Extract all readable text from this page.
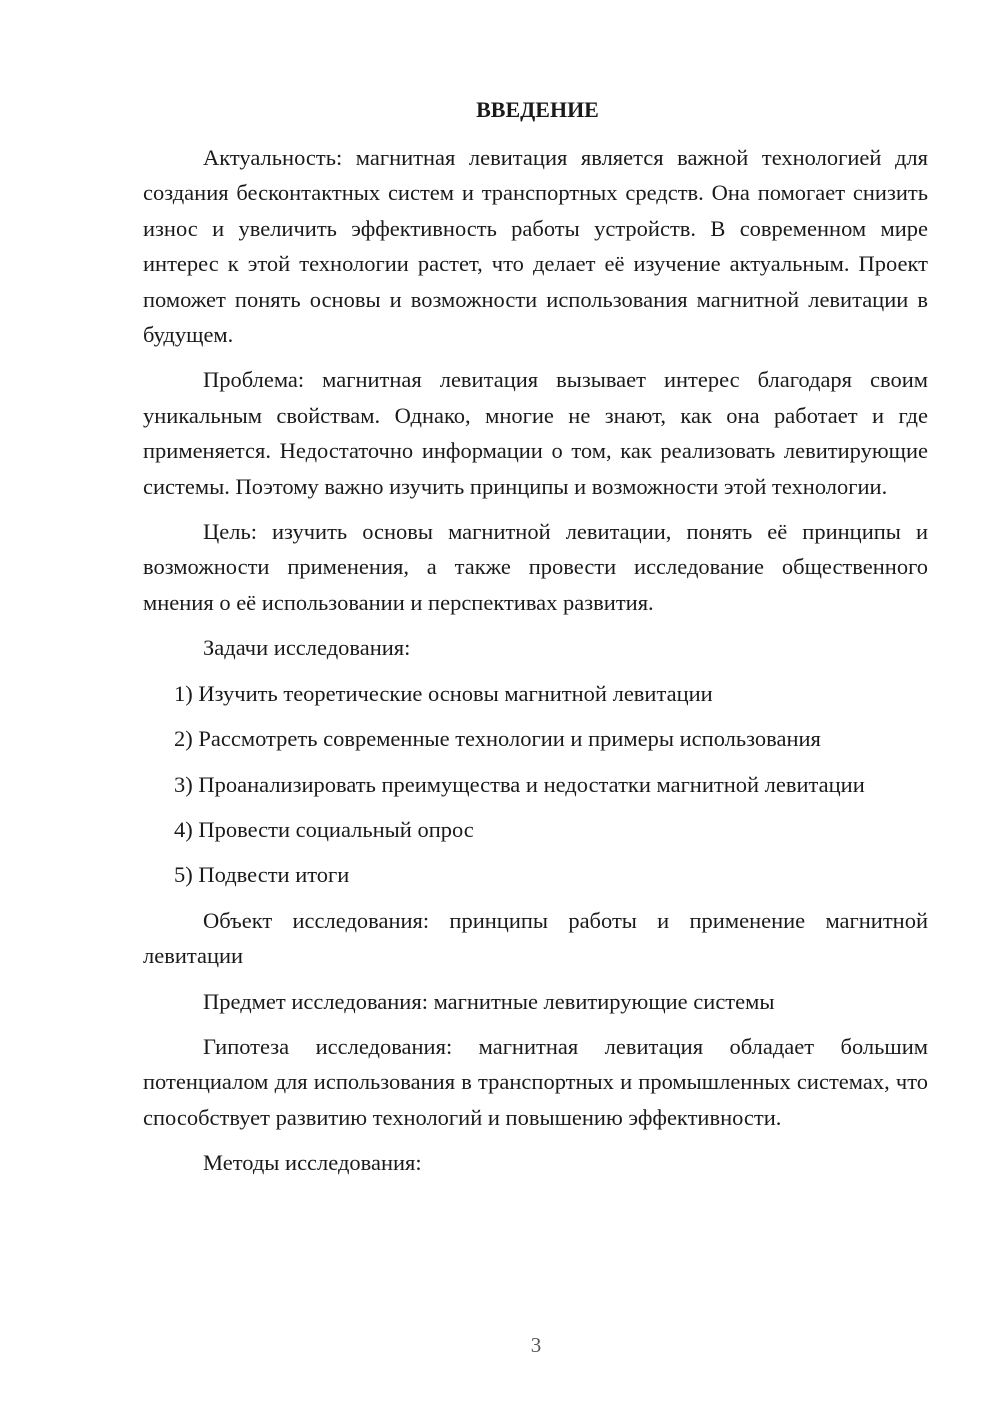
ВВЕДЕНИЕ

Актуальность: магнитная левитация является важной технологией для создания бесконтактных систем и транспортных средств. Она помогает снизить износ и увеличить эффективность работы устройств. В современном мире интерес к этой технологии растет, что делает её изучение актуальным. Проект поможет понять основы и возможности использования магнитной левитации в будущем.

Проблема: магнитная левитация вызывает интерес благодаря своим уникальным свойствам. Однако, многие не знают, как она работает и где применяется. Недостаточно информации о том, как реализовать левитирующие системы. Поэтому важно изучить принципы и возможности этой технологии.

Цель: изучить основы магнитной левитации, понять её принципы и возможности применения, а также провести исследование общественного мнения о её использовании и перспективах развития.

Задачи исследования:

1) Изучить теоретические основы магнитной левитации

2) Рассмотреть современные технологии и примеры использования

3) Проанализировать преимущества и недостатки магнитной левитации

4) Провести социальный опрос

5) Подвести итоги

Объект исследования: принципы работы и применение магнитной левитации

Предмет исследования: магнитные левитирующие системы

Гипотеза исследования: магнитная левитация обладает большим потенциалом для использования в транспортных и промышленных системах, что способствует развитию технологий и повышению эффективности.

Методы исследования:

3
